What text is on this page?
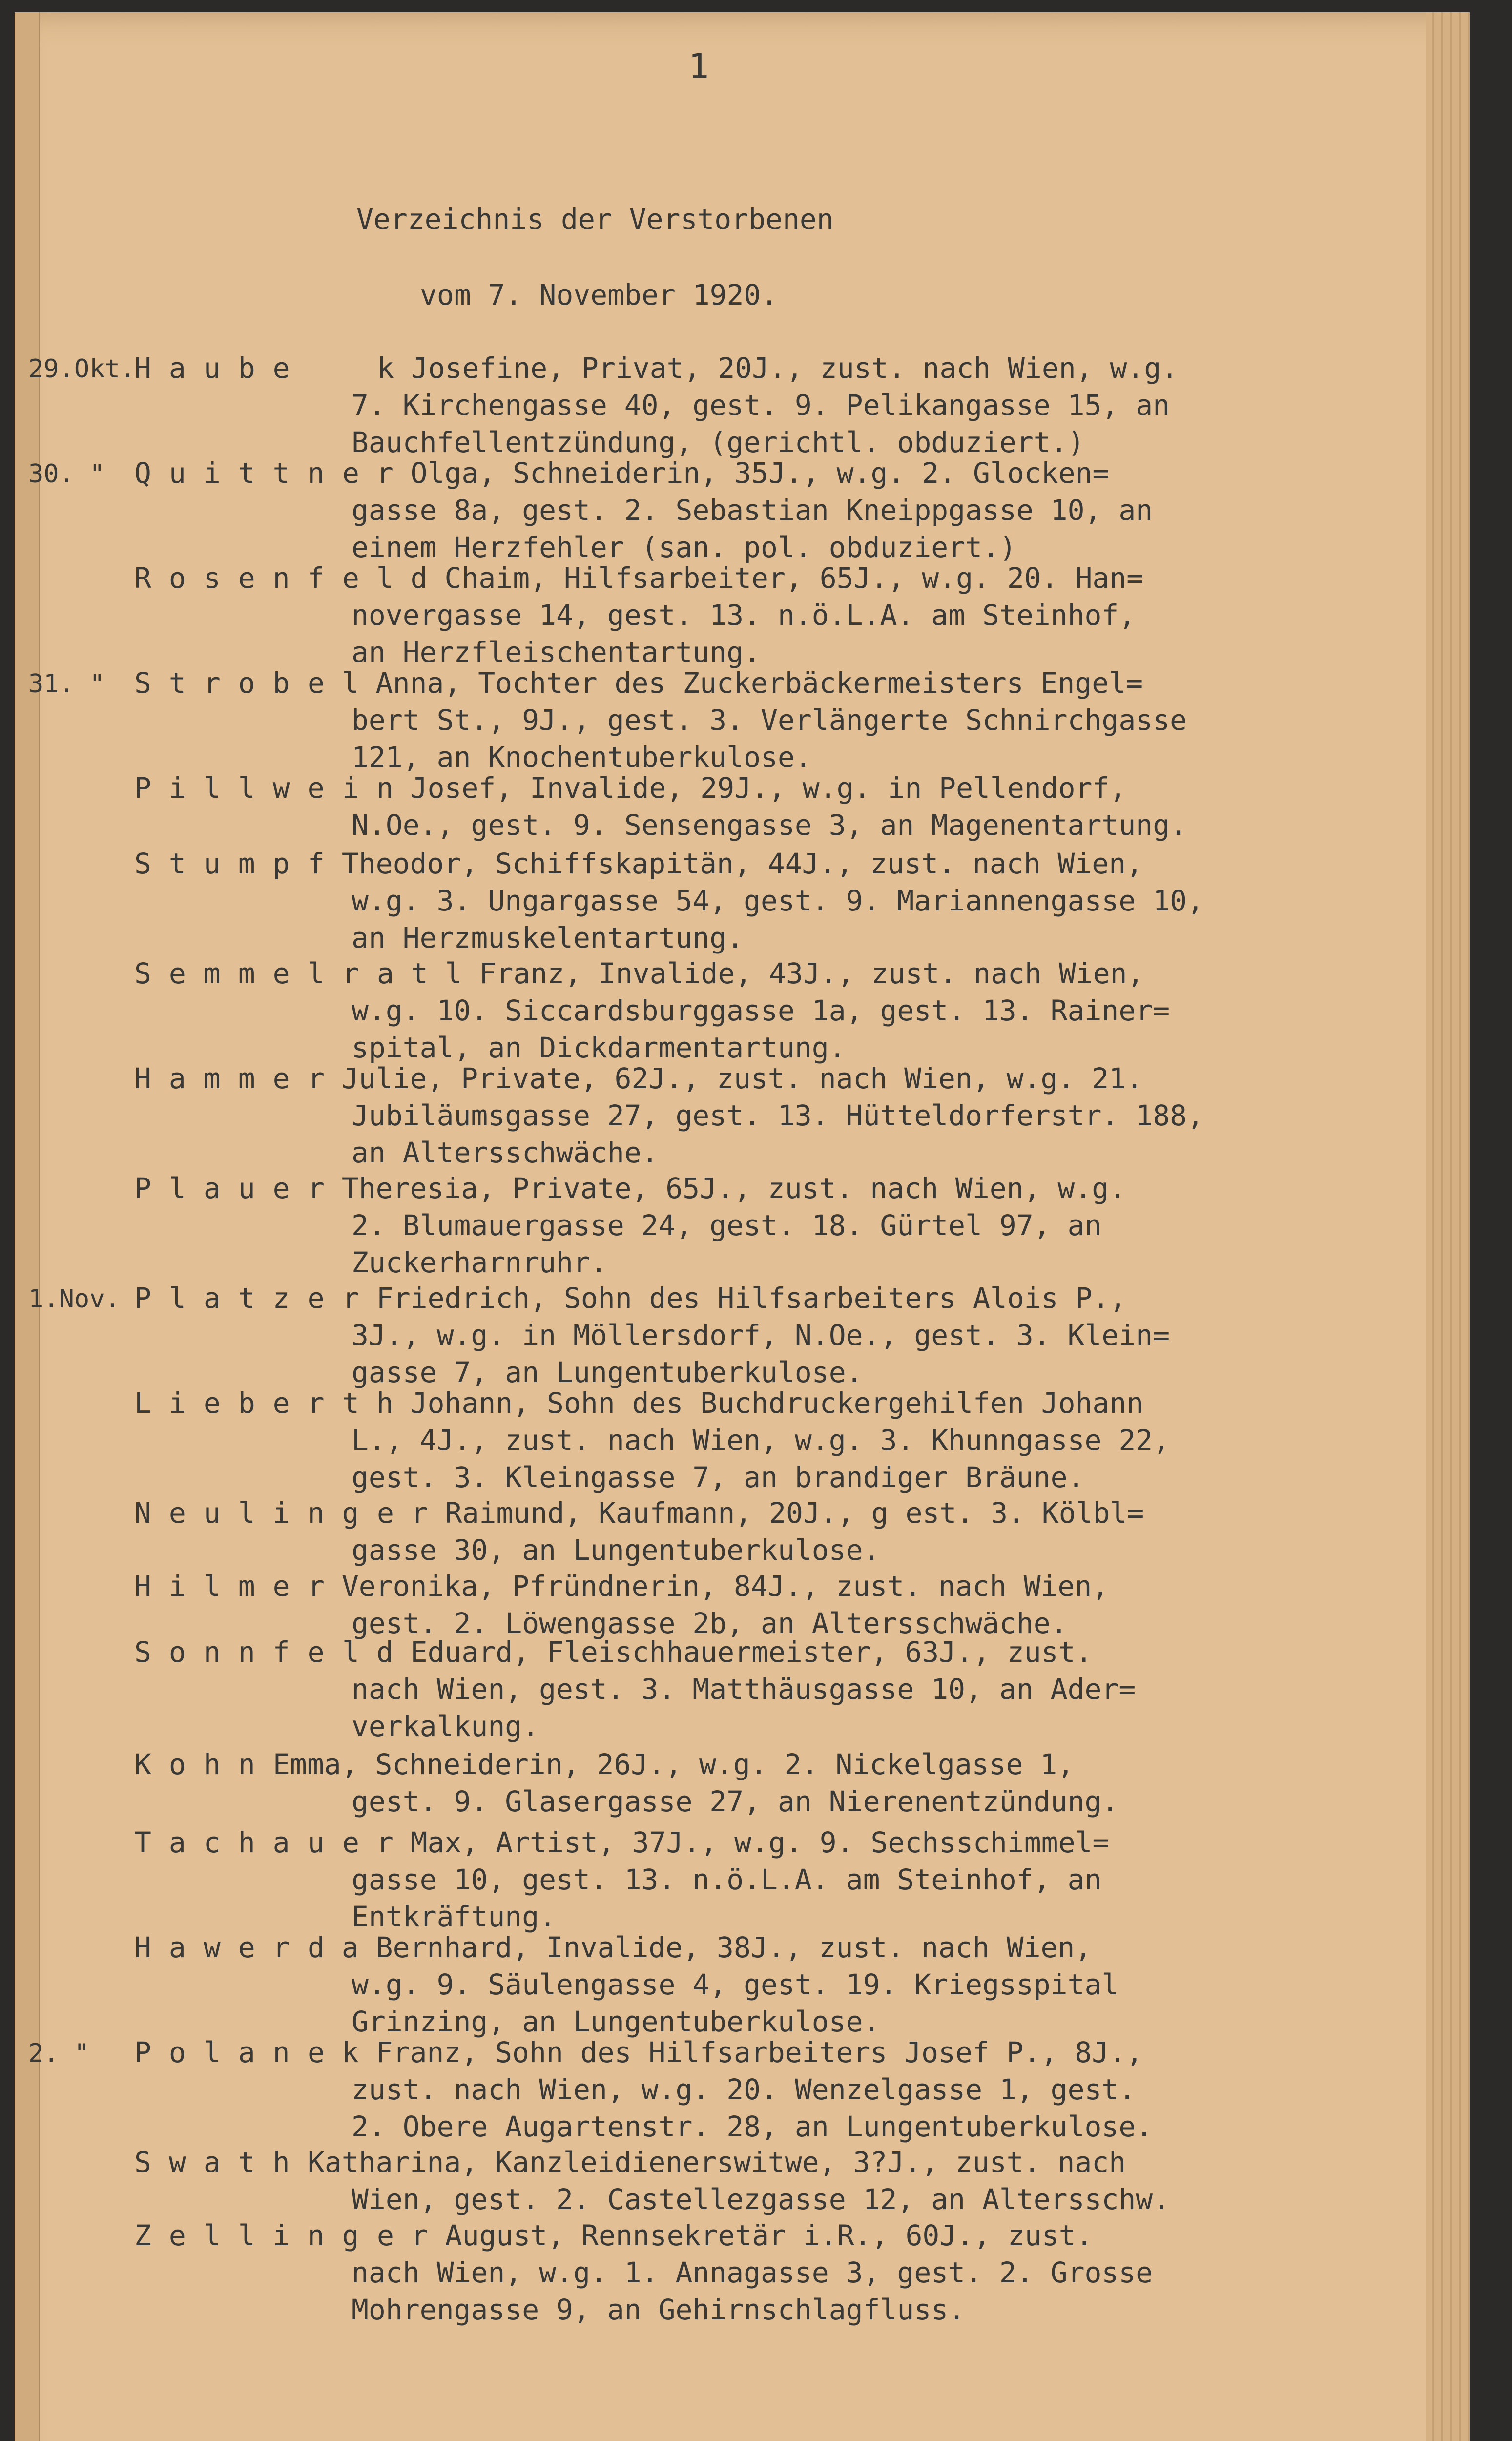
1
Verzeichnis der Verstorbenen
vom 7. November 1920.
29.Okt.
Haube k Josefine, Privat, 20J., zust. nach Wien, w.g.
7. Kirchengasse 40, gest. 9. Pelikangasse 15, an
Bauchfellentzündung, (gerichtl. obduziert.)
30. " Quittn e r Olga, Schneiderin, 35J., w.g. 2. Glocken=
gasse 8a, gest. 2. Sebastian Kneippgasse 10, an
einem Herzfehler (san. pol. obduziert.)
Rosenf e l d Chaim, Hilfsarbeiter, 65J., w.g. 20. Han=
novergasse 14, gest. 13. n.ö.L.A. am Steinhof,
an Herzfleischentartung.
31. " Strob e l Anna, Tochter des Zuckerbäckermeisters Engel=
bert St., 9J., gest. 3. Verlängerte Schnirchgasse
121, an Knochentuberkulose.
Pillwe i n Josef, Invalide, 29J., w.g. in Pellendorf,
N.Oe., gest. 9. Sensengasse 3, an Magenentartung.
Stump f Theodor, Schiffskapitän, 44J., zust. nach Wien,
w.g. 3. Ungargasse 54, gest. 9. Mariannengasse 10,
an Herzmuskelentartung.
Semmelr a t l Franz, Invalide, 43J., zust. nach Wien,
w.g. 10. Siccardsburggasse 1a, gest. 13. Rainer=
spital, an Dickdarmentartung.
Hamme r Julie, Private, 62J., zust. nach Wien, w.g. 21.
Jubiläumsgasse 27, gest. 13. Hütteldorferstr. 188,
an Altersschwäche.
Plaue r Theresia, Private, 65J., zust. nach Wien, w.g.
2. Blumauergasse 24, gest. 18. Gürtel 97, an
Zuckerharnruhr.
1.Nov. Platze r Friedrich, Sohn des Hilfsarbeiters Alois P.,
3J., w.g. in Möllersdorf, N.Oe., gest. 3. Klein=
gasse 7, an Lungentuberkulose.
Lieber t h Johann, Sohn des Buchdruckergehilfen Johann
L., 4J., zust. nach Wien, w.g. 3. Khunngasse 22,
gest. 3. Kleingasse 7, an brandiger Bräune.
Neuling e r Raimund, Kaufmann, 20J., g est. 3. Kölbl=
gasse 30, an Lungentuberkulose.
Hilme r Veronika, Pfründnerin, 84J., zust. nach Wien,
gest. 2. Löwengasse 2b, an Altersschwäche.
Sonnfe l d Eduard, Fleischhauermeister, 63J., zust.
nach Wien, gest. 3. Matthäusgasse 10, an Ader=
verkalkung.
Kohn Emma, Schneiderin, 26J., w.g. 2. Nickelgasse 1,
gest. 9. Glasergasse 27, an Nierenentzündung.
Tachau e r Max, Artist, 37J., w.g. 9. Sechsschimmel=
gasse 10, gest. 13. n.ö.L.A. am Steinhof, an
Entkräftung.
Hawer d a Bernhard, Invalide, 38J., zust. nach Wien,
w.g. 9. Säulengasse 4, gest. 19. Kriegsspital
Grinzing, an Lungentuberkulose.
2. " Polan e k Franz, Sohn des Hilfsarbeiters Josef P., 8J.,
zust. nach Wien, w.g. 20. Wenzelgasse 1, gest.
2. Obere Augartenstr. 28, an Lungentuberkulose.
Swath Katharina, Kanzleidienerswitwe, 3?J., zust. nach
Wien, gest. 2. Castellezgasse 12, an Altersschw.
Zelling e r August, Rennsekretär i.R., 60J., zust.
nach Wien, w.g. 1. Annagasse 3, gest. 2. Grosse
Mohrengasse 9, an Gehirnschlagfluss.
